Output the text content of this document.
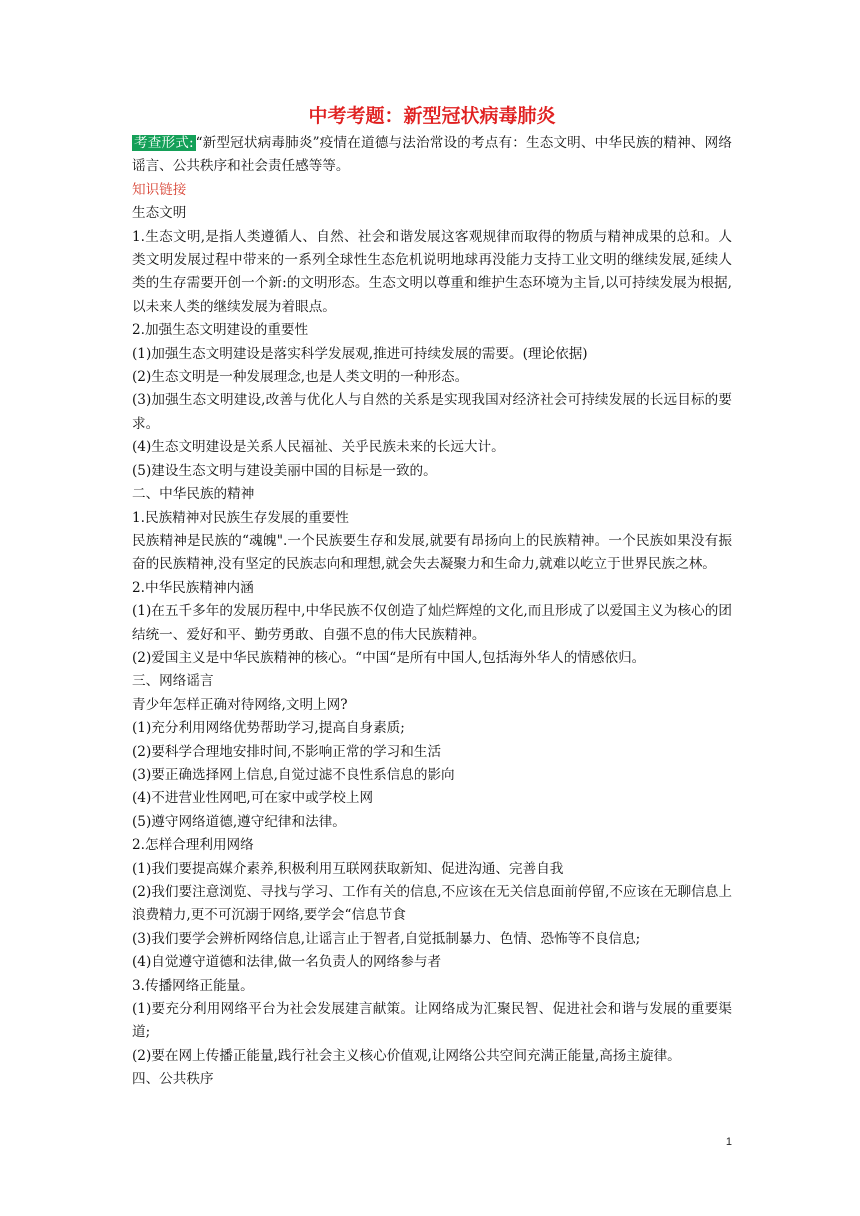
中考考题：新型冠状病毒肺炎

考查形式: “新型冠状病毒肺炎”疫情在道德与法治常设的考点有：生态文明、中华民族的精神、网络谣言、公共秩序和社会责任感等等。

知识链接

生态文明

1.生态文明,是指人类遵循人、自然、社会和谐发展这客观规律而取得的物质与精神成果的总和。人类文明发展过程中带来的一系列全球性生态危机说明地球再没能力支持工业文明的继续发展,延续人类的生存需要开创一个新:的文明形态。生态文明以尊重和维护生态环境为主旨,以可持续发展为根据,以未来人类的继续发展为着眼点。

2.加强生态文明建设的重要性

(1)加强生态文明建设是落实科学发展观,推进可持续发展的需要。(理论依据)

(2)生态文明是一种发展理念,也是人类文明的一种形态。

(3)加强生态文明建设,改善与优化人与自然的关系是实现我国对经济社会可持续发展的长远目标的要求。

(4)生态文明建设是关系人民福祉、关乎民族未来的长远大计。

(5)建设生态文明与建设美丽中国的目标是一致的。

二、中华民族的精神

1.民族精神对民族生存发展的重要性

民族精神是民族的“魂魄".一个民族要生存和发展,就要有昂扬向上的民族精神。一个民族如果没有振奋的民族精神,没有坚定的民族志向和理想,就会失去凝聚力和生命力,就难以屹立于世界民族之林。

2.中华民族精神内涵

(1)在五千多年的发展历程中,中华民族不仅创造了灿烂辉煌的文化,而且形成了以爱国主义为核心的团结统一、爱好和平、勤劳勇敢、自强不息的伟大民族精神。

(2)爱国主义是中华民族精神的核心。“中国“是所有中国人,包括海外华人的情感依归。

三、网络谣言

青少年怎样正确对待网络,文明上网?

(1)充分利用网络优势帮助学习,提高自身素质;

(2)要科学合理地安排时间,不影响正常的学习和生活

(3)要正确选择网上信息,自觉过滤不良性系信息的影向

(4)不进营业性网吧,可在家中或学校上网

(5)遵守网络道德,遵守纪律和法律。

2.怎样合理利用网络

(1)我们要提高媒介素养,积极利用互联网获取新知、促进沟通、完善自我

(2)我们要注意浏览、寻找与学习、工作有关的信息,不应该在无关信息面前停留,不应该在无聊信息上浪费精力,更不可沉溺于网络,要学会“信息节食

(3)我们要学会辨析网络信息,让谣言止于智者,自觉抵制暴力、色情、恐怖等不良信息;

(4)自觉遵守道德和法律,做一名负责人的网络参与者

3.传播网络正能量。

(1)要充分利用网络平台为社会发展建言献策。让网络成为汇聚民智、促进社会和谐与发展的重要渠道;

(2)要在网上传播正能量,践行社会主义核心价值观,让网络公共空间充满正能量,高扬主旋律。

四、公共秩序

1
